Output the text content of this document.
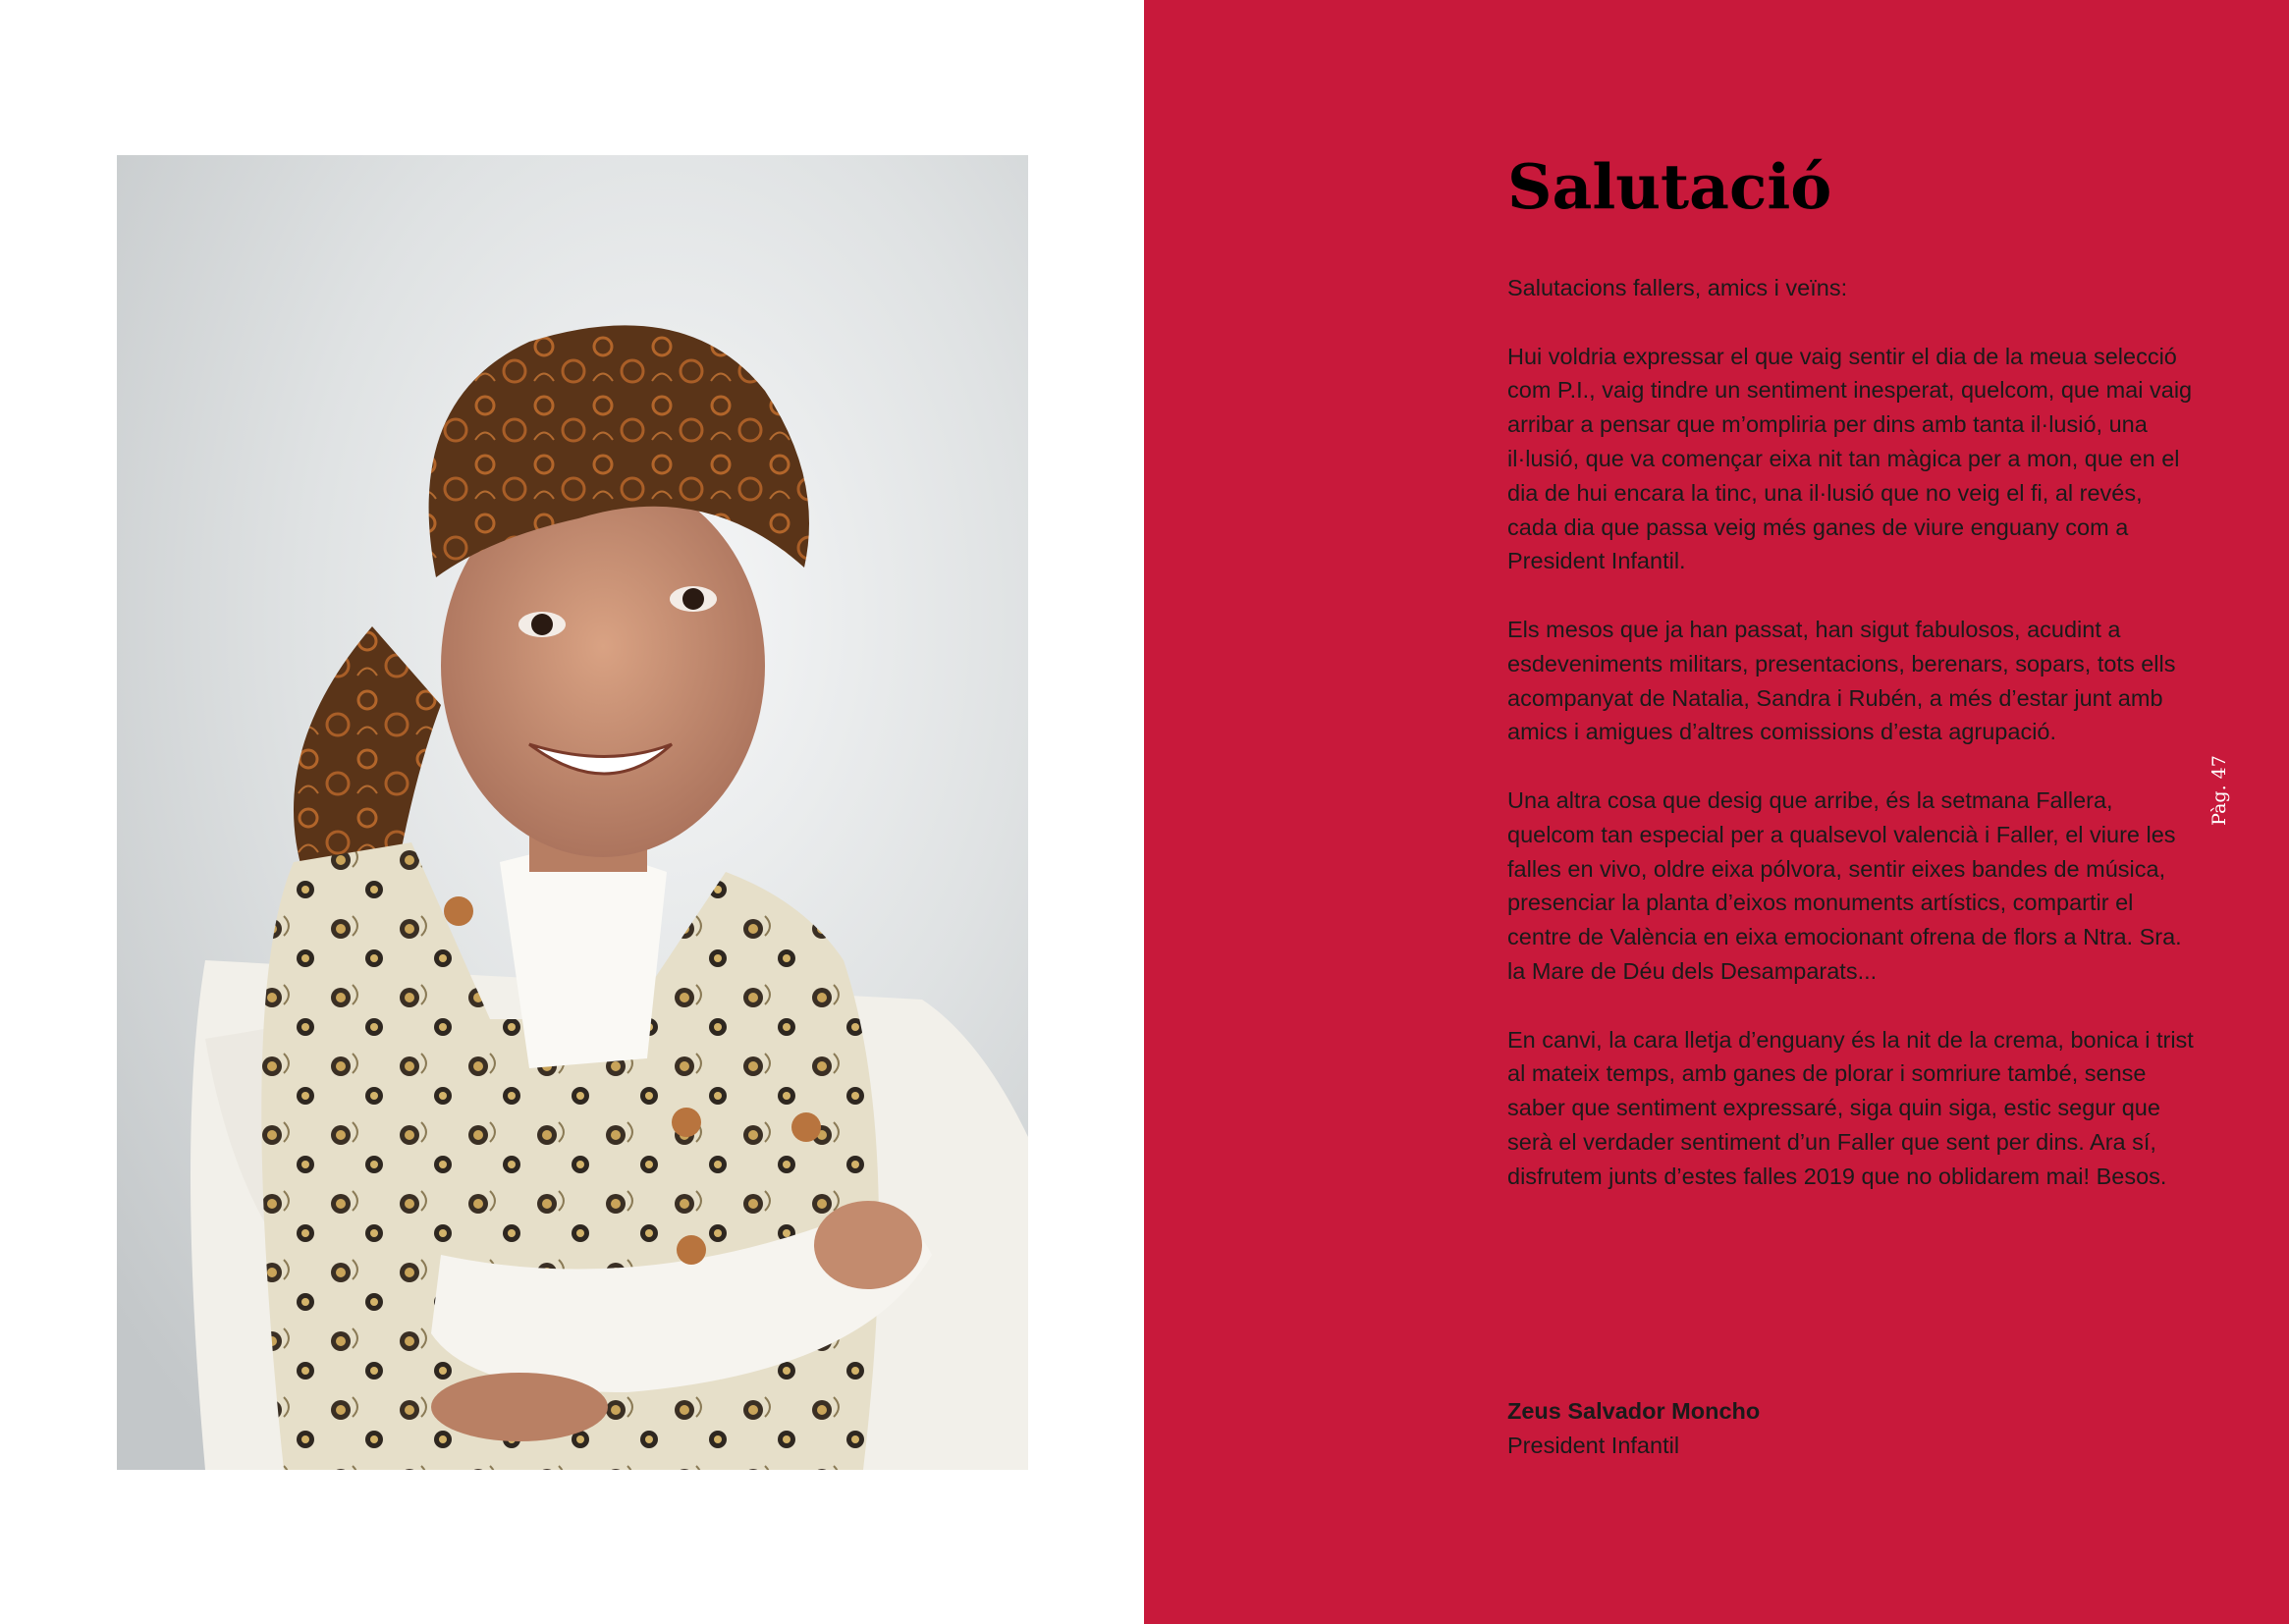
Salutació

Salutacions fallers, amics i veïns:

Hui voldria expressar el que vaig sentir el dia de la meua selecció com P.I., vaig tindre un sentiment inesperat, quelcom, que mai vaig arribar a pensar que m’ompliria per dins amb tanta il·lusió, una il·lusió, que va començar eixa nit tan màgica per a mon, que en el dia de hui encara la tinc, una il·lusió que no veig el fi, al revés, cada dia que passa veig més ganes de viure enguany com a President Infantil.

Els mesos que ja han passat, han sigut fabulosos, acudint a esdeveniments militars, presentacions, berenars, sopars, tots ells acompanyat de Natalia, Sandra i Rubén, a més d’estar junt amb amics i amigues d’altres comissions d’esta agrupació.

Una altra cosa que desig que arribe, és la setmana Fallera, quelcom tan especial per a qualsevol valencià i Faller, el viure les falles en vivo, oldre eixa pólvora, sentir eixes bandes de música, presenciar la planta d’eixos monuments artístics, compartir el centre de València en eixa emocionant ofrena de flors a Ntra. Sra. la Mare de Déu dels Desamparats...

En canvi, la cara lletja d’enguany és la nit de la crema, bonica i trist al mateix temps, amb ganes de plorar i somriure també, sense saber que sentiment expressaré, siga quin siga, estic segur que serà el verdader sentiment d’un Faller que sent per dins. Ara sí, disfrutem junts d’estes falles 2019 que no oblidarem mai! Besos.

Zeus Salvador Moncho
President Infantil
Pàg. 47
